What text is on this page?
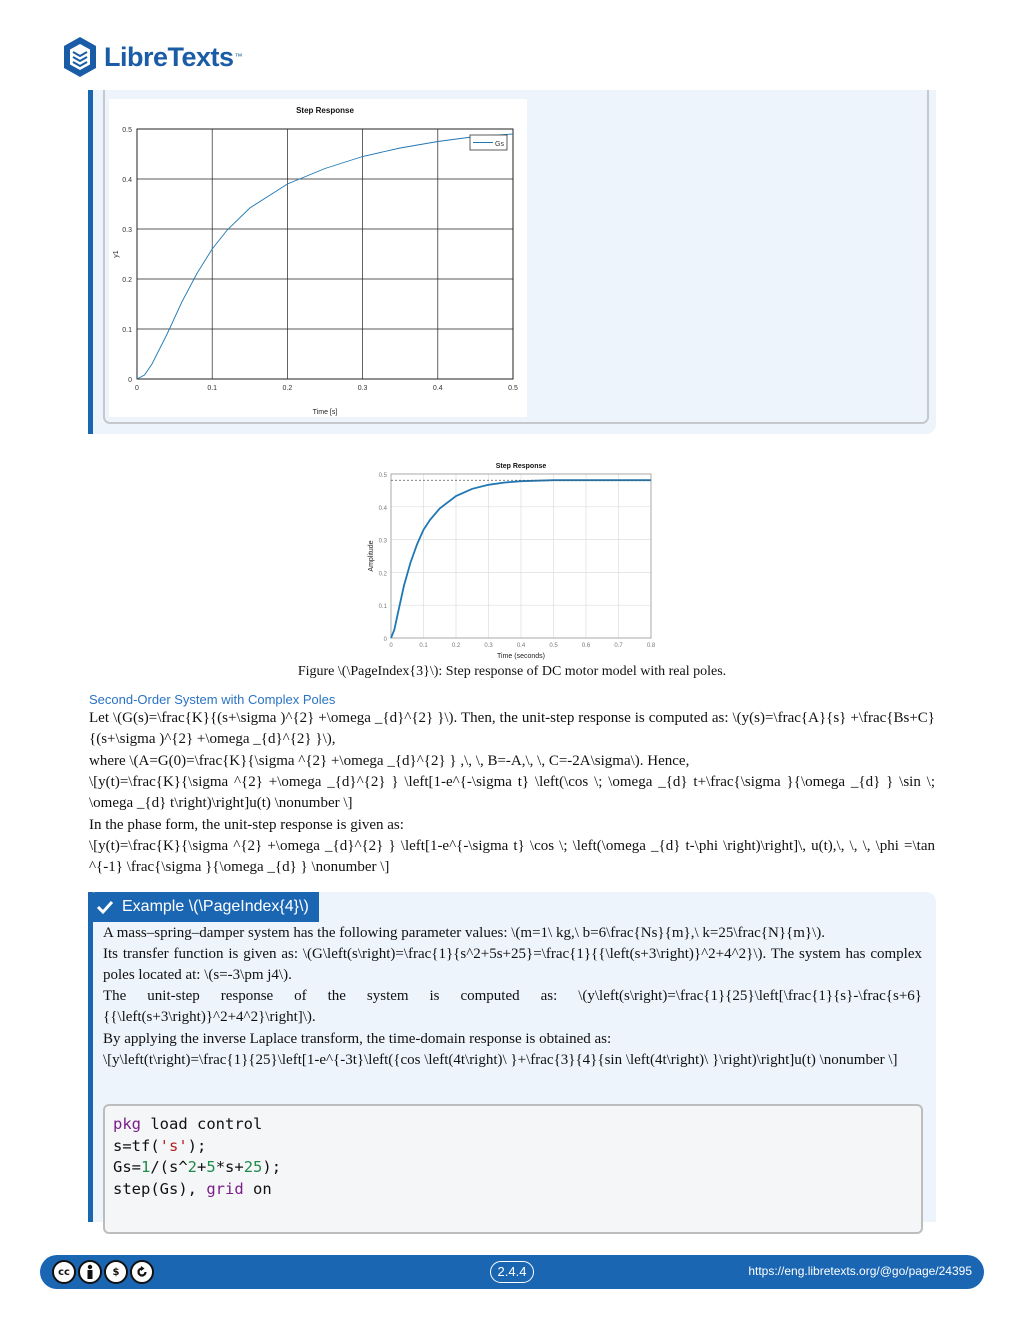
LibreTexts™
0	0.1	0.2	0.3	0.4	0.5
0
0.1
0.2
0.3
0.4
0.5
Step Response
Time [s]
y1
Gs
0	0.1	0.2	0.3	0.4	0.5	0.6	0.7	0.8
0
0.1
0.2
0.3
0.4
0.5
Step Response
Time (seconds)
Amplitude
Figure \(\PageIndex{3}\): Step response of DC motor model with real poles.
Second-Order System with Complex Poles
Let \(G(s)=\frac{K}{(s+\sigma )^{2} +\omega _{d}^{2} }\). Then, the unit-step response is computed as: \(y(s)=\frac{A}{s} +\frac{Bs+C}{(s+\sigma )^{2} +\omega _{d}^{2} }\),
where \(A=G(0)=\frac{K}{\sigma ^{2} +\omega _{d}^{2} } ,\, \, B=-A,\, \, C=-2A\sigma\). Hence,
\[y(t)=\frac{K}{\sigma ^{2} +\omega _{d}^{2} } \left[1-e^{-\sigma t} \left(\cos \; \omega _{d} t+\frac{\sigma }{\omega _{d} } \sin \; \omega _{d} t\right)\right]u(t) \nonumber \]
In the phase form, the unit-step response is given as:
\[y(t)=\frac{K}{\sigma ^{2} +\omega _{d}^{2} } \left[1-e^{-\sigma t} \cos \; \left(\omega _{d} t-\phi \right)\right]\, u(t),\, \, \, \phi =\tan ^{-1} \frac{\sigma }{\omega _{d} } \nonumber \]
Example \(\PageIndex{4}\)
A mass–spring–damper system has the following parameter values: \(m=1\ kg,\ b=6\frac{Ns}{m},\ k=25\frac{N}{m}\).
Its transfer function is given as: \(G\left(s\right)=\frac{1}{s^2+5s+25}=\frac{1}{{\left(s+3\right)}^2+4^2}\). The system has complex poles located at: \(s=-3\pm j4\).
The unit-step response of the system is computed as: \(y\left(s\right)=\frac{1}{25}\left[\frac{1}{s}-\frac{s+6}{{\left(s+3\right)}^2+4^2}\right]\).
By applying the inverse Laplace transform, the time-domain response is obtained as:
\[y\left(t\right)=\frac{1}{25}\left[1-e^{-3t}\left({cos \left(4t\right)\ }+\frac{3}{4}{sin \left(4t\right)\ }\right)\right]u(t) \nonumber \]
pkg load control
s=tf('s');
Gs=1/(s^2+5*s+25);
step(Gs), grid on
cc	$	2.4.4	https://eng.libretexts.org/@go/page/24395
